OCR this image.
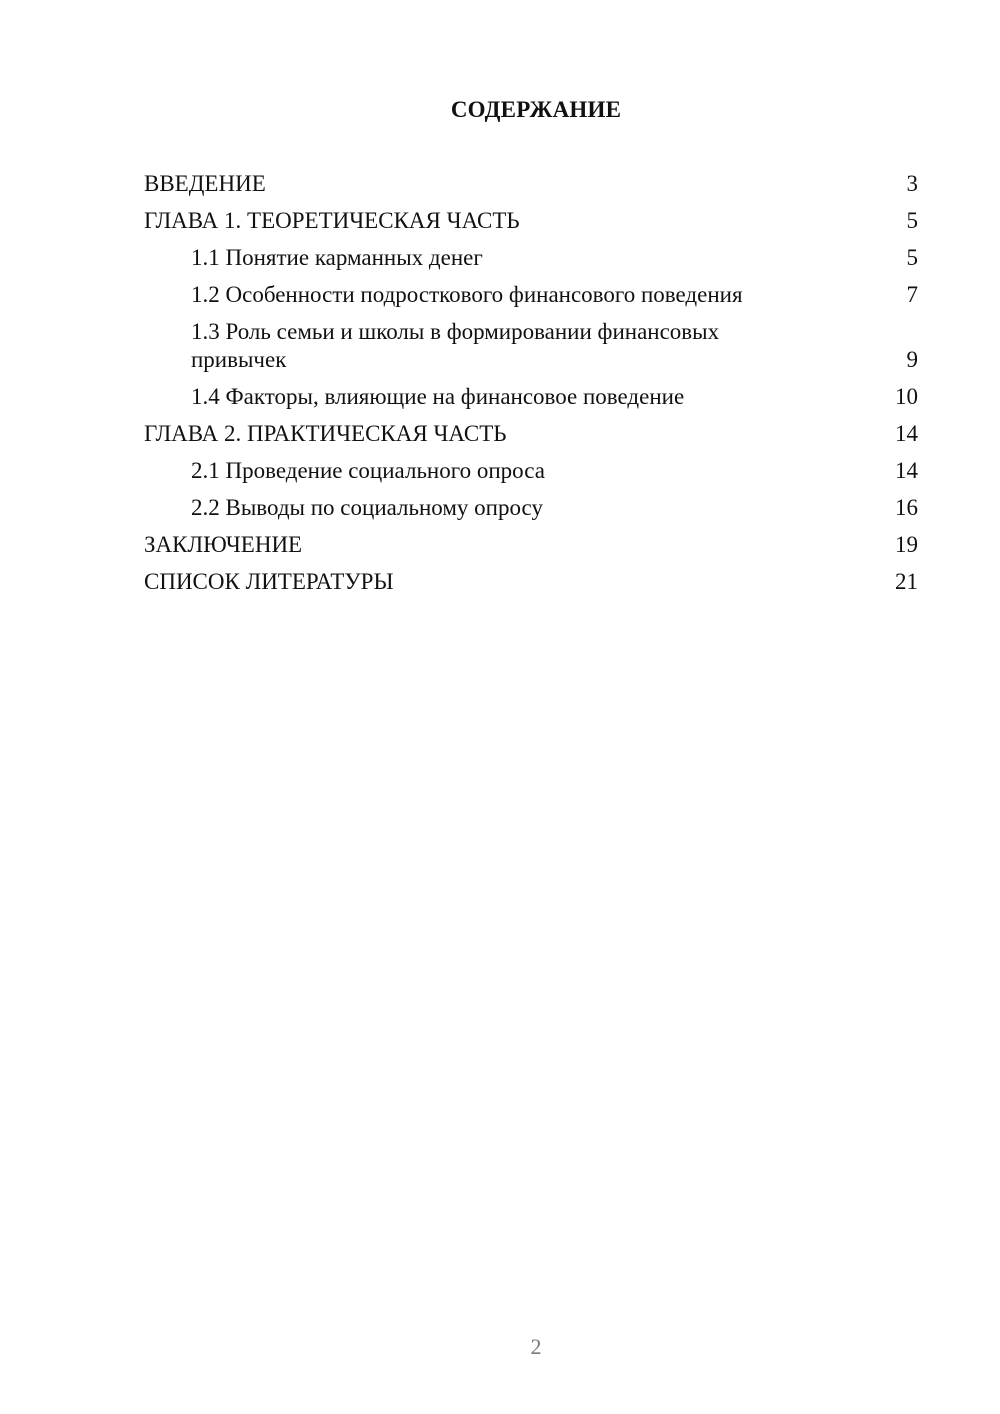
СОДЕРЖАНИЕ
ВВЕДЕНИЕ	3
ГЛАВА 1. ТЕОРЕТИЧЕСКАЯ ЧАСТЬ	5
1.1 Понятие карманных денег	5
1.2 Особенности подросткового финансового поведения	7
1.3 Роль семьи и школы в формировании финансовых привычек	9
1.4 Факторы, влияющие на финансовое поведение	10
ГЛАВА 2. ПРАКТИЧЕСКАЯ ЧАСТЬ	14
2.1 Проведение социального опроса	14
2.2 Выводы по социальному опросу	16
ЗАКЛЮЧЕНИЕ	19
СПИСОК ЛИТЕРАТУРЫ	21
2
